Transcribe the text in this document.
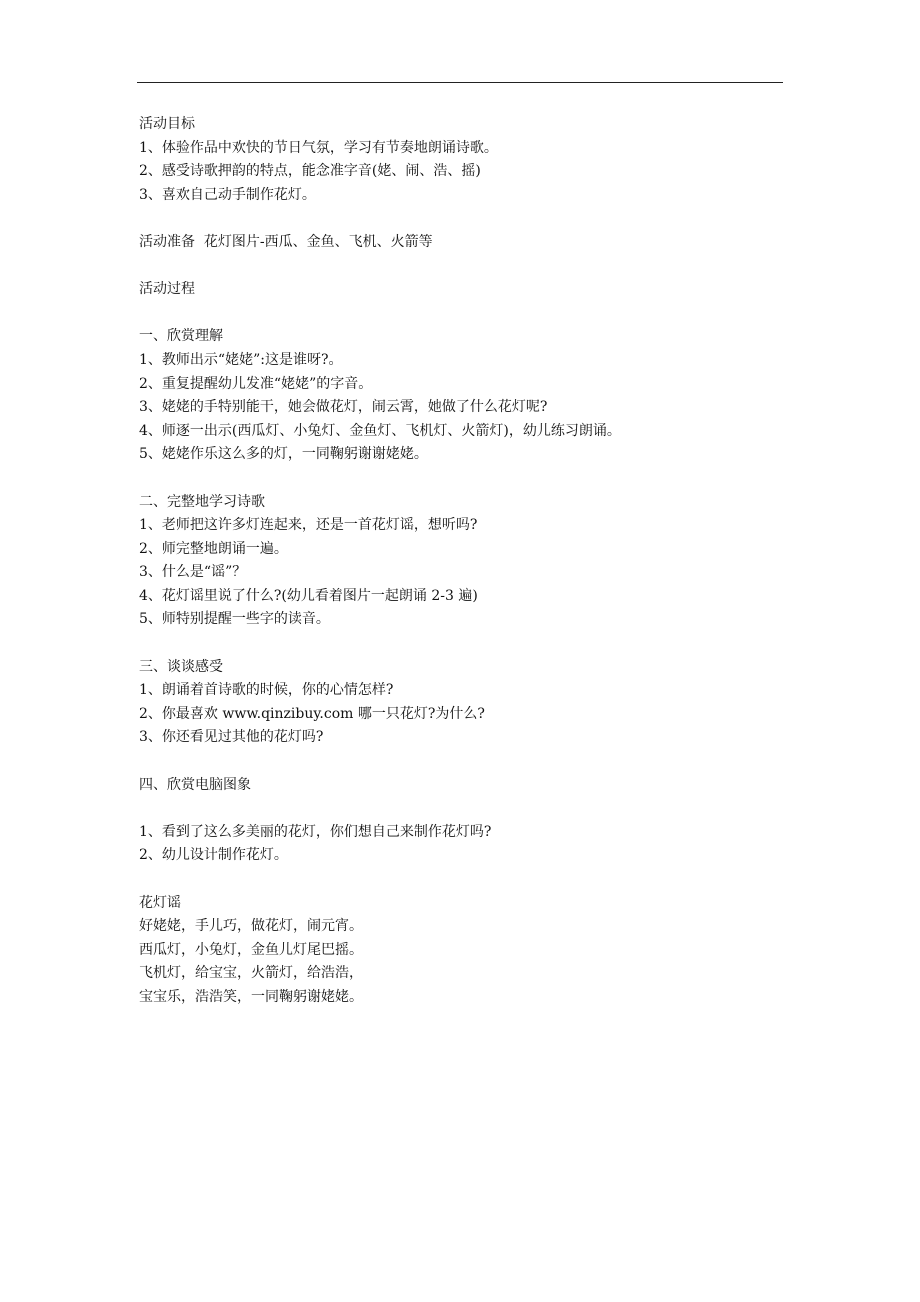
活动目标
1、体验作品中欢快的节日气氛，学习有节奏地朗诵诗歌。
2、感受诗歌押韵的特点，能念准字音(姥、闹、浩、摇)
3、喜欢自己动手制作花灯。
活动准备  花灯图片-西瓜、金鱼、飞机、火箭等
活动过程
一、欣赏理解
1、教师出示“姥姥”:这是谁呀?。
2、重复提醒幼儿发准“姥姥”的字音。
3、姥姥的手特别能干，她会做花灯，闹云霄，她做了什么花灯呢?
4、师逐一出示(西瓜灯、小兔灯、金鱼灯、飞机灯、火箭灯)，幼儿练习朗诵。
5、姥姥作乐这么多的灯，一同鞠躬谢谢姥姥。
二、完整地学习诗歌
1、老师把这许多灯连起来，还是一首花灯谣，想听吗?
2、师完整地朗诵一遍。
3、什么是“谣”？
4、花灯谣里说了什么?(幼儿看着图片一起朗诵 2-3 遍)
5、师特别提醒一些字的读音。
三、谈谈感受
1、朗诵着首诗歌的时候，你的心情怎样?
2、你最喜欢 www.qinzibuy.com 哪一只花灯?为什么?
3、你还看见过其他的花灯吗?
四、欣赏电脑图象
1、看到了这么多美丽的花灯，你们想自己来制作花灯吗?
2、幼儿设计制作花灯。
花灯谣
好姥姥，手儿巧，做花灯，闹元宵。
西瓜灯，小兔灯，金鱼儿灯尾巴摇。
飞机灯，给宝宝，火箭灯，给浩浩，
宝宝乐，浩浩笑，一同鞠躬谢姥姥。
